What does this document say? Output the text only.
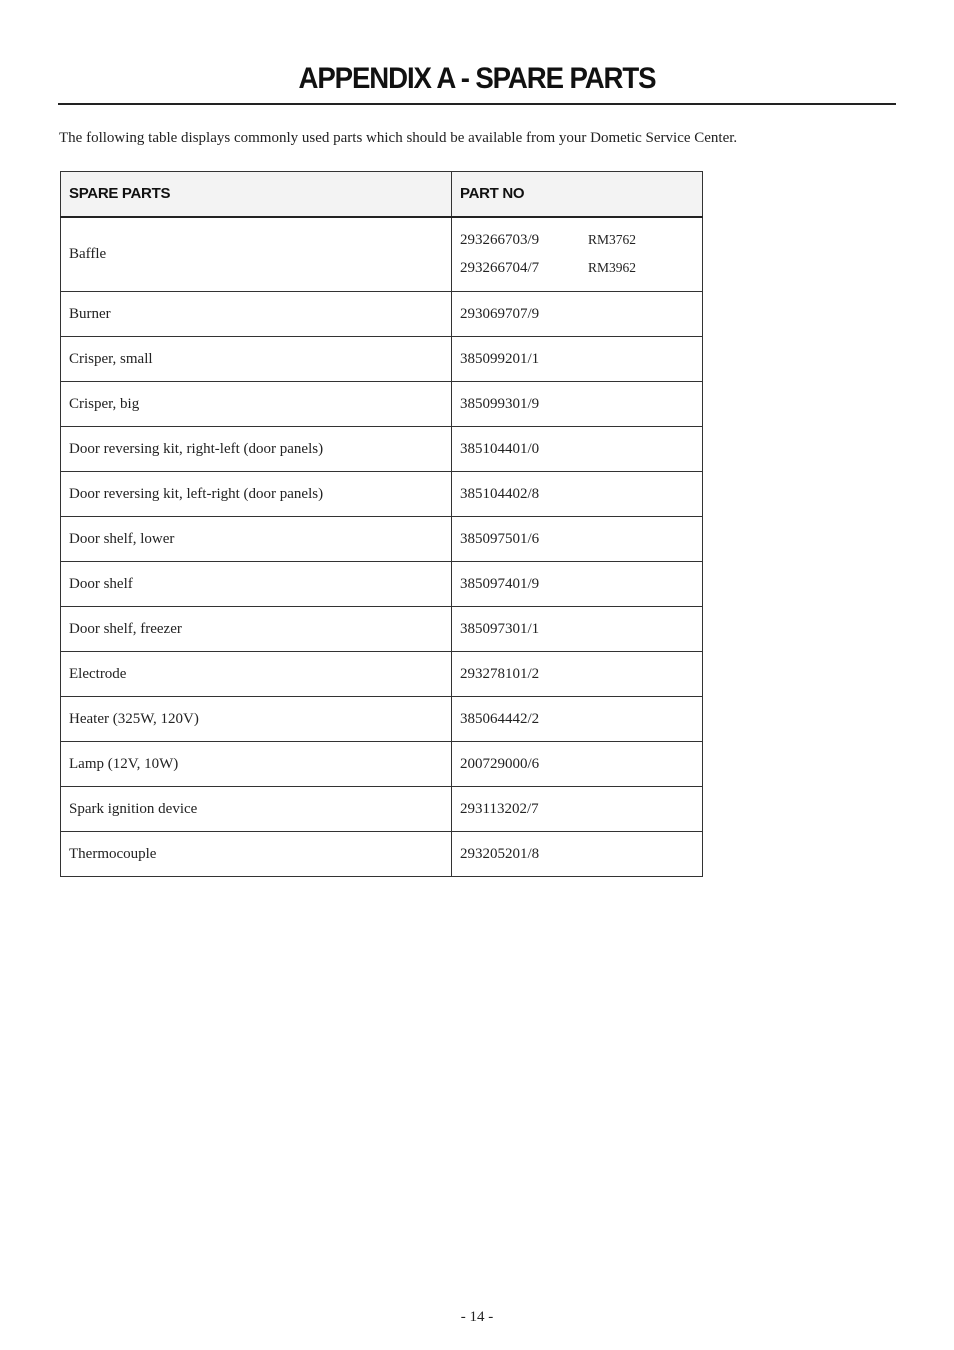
APPENDIX A - SPARE PARTS
The following table displays commonly used parts which should be available from your Dometic Service Center.
SPARE PARTS	PART NO
Baffle	293266703/9 RM3762
293266704/7 RM3962

Burner	293069707/9

Crisper, small	385099201/1

Crisper, big	385099301/9

Door reversing kit, right-left (door panels)	385104401/0

Door reversing kit, left-right (door panels)	385104402/8

Door shelf, lower	385097501/6

Door shelf	385097401/9

Door shelf, freezer	385097301/1

Electrode	293278101/2

Heater (325W, 120V)	385064442/2

Lamp (12V, 10W)	200729000/6

Spark ignition device	293113202/7

Thermocouple	293205201/8
- 14 -
